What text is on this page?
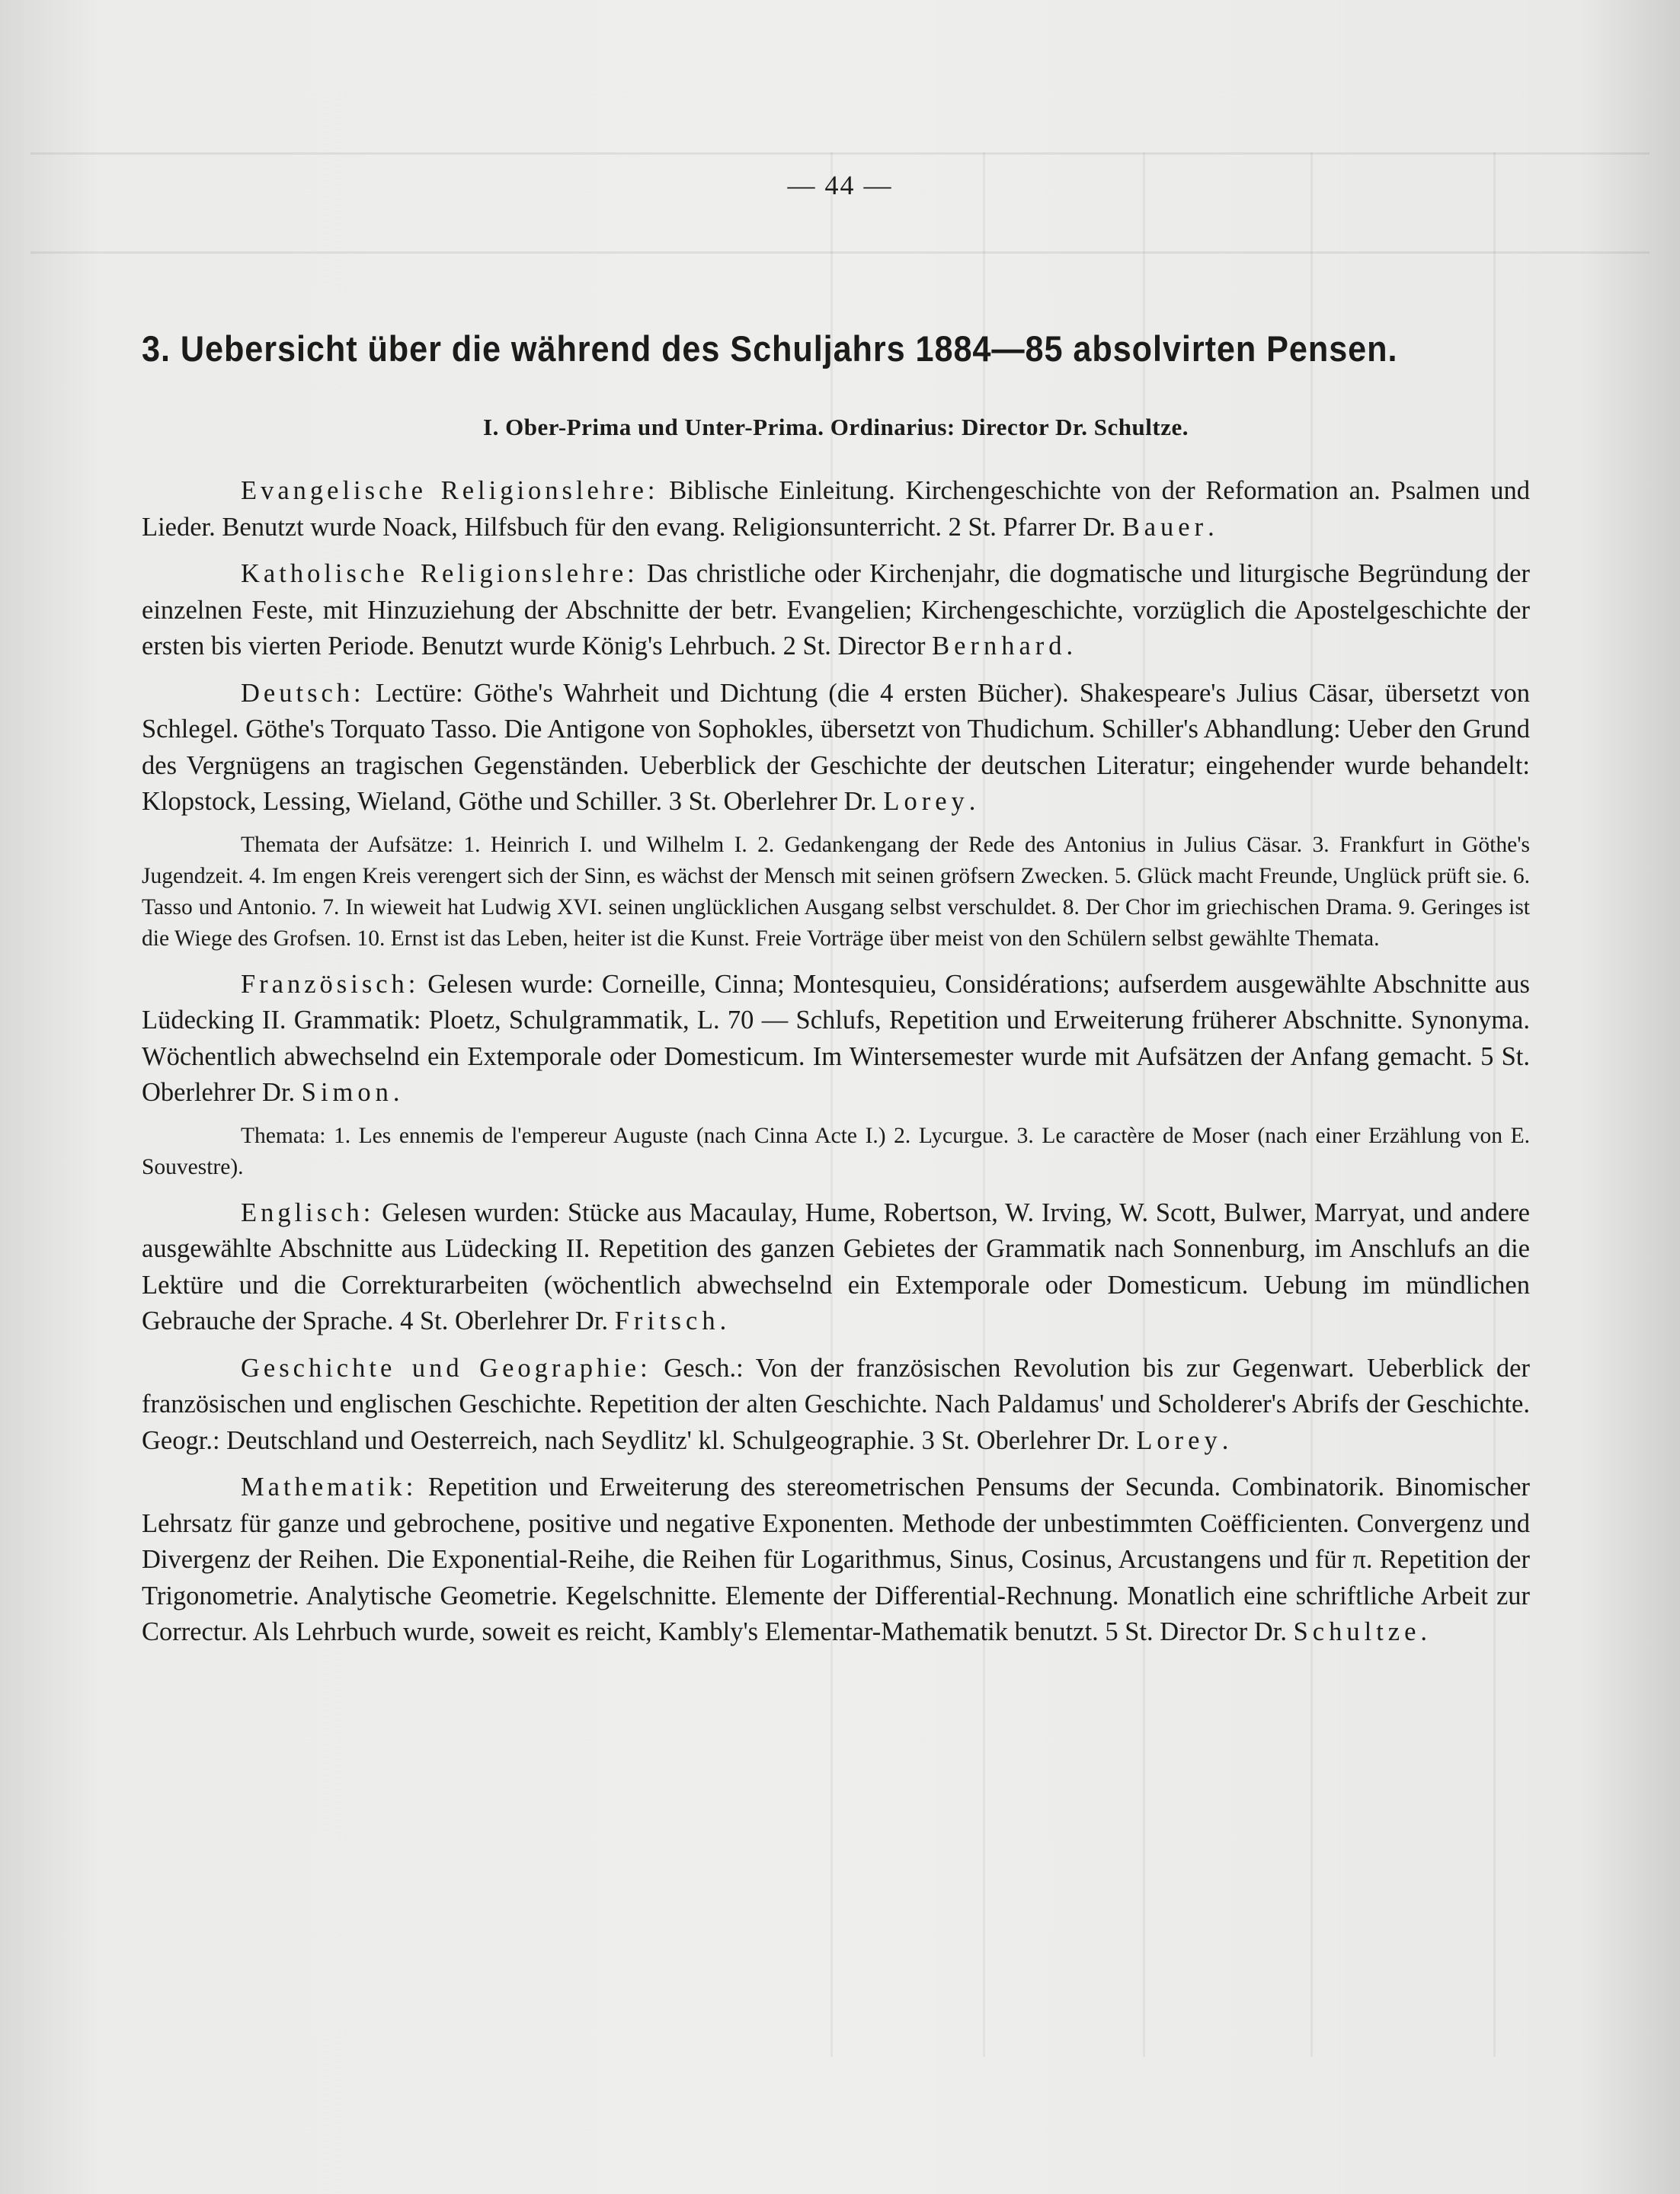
— 44 —
3. Uebersicht über die während des Schuljahrs 1884—85 absolvirten Pensen.
I. Ober-Prima und Unter-Prima. Ordinarius: Director Dr. Schultze.

Evangelische Religionslehre: Biblische Einleitung. Kirchengeschichte von der Reformation an. Psalmen und Lieder. Benutzt wurde Noack, Hilfsbuch für den evang. Religionsunterricht. 2 St. Pfarrer Dr. Bauer.

Katholische Religionslehre: Das christliche oder Kirchenjahr, die dogmatische und liturgische Begründung der einzelnen Feste, mit Hinzuziehung der Abschnitte der betr. Evangelien; Kirchengeschichte, vorzüglich die Apostelgeschichte der ersten bis vierten Periode. Benutzt wurde König's Lehrbuch. 2 St. Director Bernhard.

Deutsch: Lectüre: Göthe's Wahrheit und Dichtung (die 4 ersten Bücher). Shakespeare's Julius Cäsar, übersetzt von Schlegel. Göthe's Torquato Tasso. Die Antigone von Sophokles, übersetzt von Thudichum. Schiller's Abhandlung: Ueber den Grund des Vergnügens an tragischen Gegenständen. Ueberblick der Geschichte der deutschen Literatur; eingehender wurde behandelt: Klopstock, Lessing, Wieland, Göthe und Schiller. 3 St. Oberlehrer Dr. Lorey.

Themata der Aufsätze: 1. Heinrich I. und Wilhelm I. 2. Gedankengang der Rede des Antonius in Julius Cäsar. 3. Frankfurt in Göthe's Jugendzeit. 4. Im engen Kreis verengert sich der Sinn, es wächst der Mensch mit seinen gröfsern Zwecken. 5. Glück macht Freunde, Unglück prüft sie. 6. Tasso und Antonio. 7. In wieweit hat Ludwig XVI. seinen unglücklichen Ausgang selbst verschuldet. 8. Der Chor im griechischen Drama. 9. Geringes ist die Wiege des Grofsen. 10. Ernst ist das Leben, heiter ist die Kunst. Freie Vorträge über meist von den Schülern selbst gewählte Themata.

Französisch: Gelesen wurde: Corneille, Cinna; Montesquieu, Considérations; aufserdem ausgewählte Abschnitte aus Lüdecking II. Grammatik: Ploetz, Schulgrammatik, L. 70 — Schlufs, Repetition und Erweiterung früherer Abschnitte. Synonyma. Wöchentlich abwechselnd ein Extemporale oder Domesticum. Im Wintersemester wurde mit Aufsätzen der Anfang gemacht. 5 St. Oberlehrer Dr. Simon.

Themata: 1. Les ennemis de l'empereur Auguste (nach Cinna Acte I.) 2. Lycurgue. 3. Le caractère de Moser (nach einer Erzählung von E. Souvestre).

Englisch: Gelesen wurden: Stücke aus Macaulay, Hume, Robertson, W. Irving, W. Scott, Bulwer, Marryat, und andere ausgewählte Abschnitte aus Lüdecking II. Repetition des ganzen Gebietes der Grammatik nach Sonnenburg, im Anschlufs an die Lektüre und die Correkturarbeiten (wöchentlich abwechselnd ein Extemporale oder Domesticum. Uebung im mündlichen Gebrauche der Sprache. 4 St. Oberlehrer Dr. Fritsch.

Geschichte und Geographie: Gesch.: Von der französischen Revolution bis zur Gegenwart. Ueberblick der französischen und englischen Geschichte. Repetition der alten Geschichte. Nach Paldamus' und Scholderer's Abrifs der Geschichte. Geogr.: Deutschland und Oesterreich, nach Seydlitz' kl. Schulgeographie. 3 St. Oberlehrer Dr. Lorey.

Mathematik: Repetition und Erweiterung des stereometrischen Pensums der Secunda. Combinatorik. Binomischer Lehrsatz für ganze und gebrochene, positive und negative Exponenten. Methode der unbestimmten Coëfficienten. Convergenz und Divergenz der Reihen. Die Exponential-Reihe, die Reihen für Logarithmus, Sinus, Cosinus, Arcustangens und für π. Repetition der Trigonometrie. Analytische Geometrie. Kegelschnitte. Elemente der Differential-Rechnung. Monatlich eine schriftliche Arbeit zur Correctur. Als Lehrbuch wurde, soweit es reicht, Kambly's Elementar-Mathematik benutzt. 5 St. Director Dr. Schultze.
